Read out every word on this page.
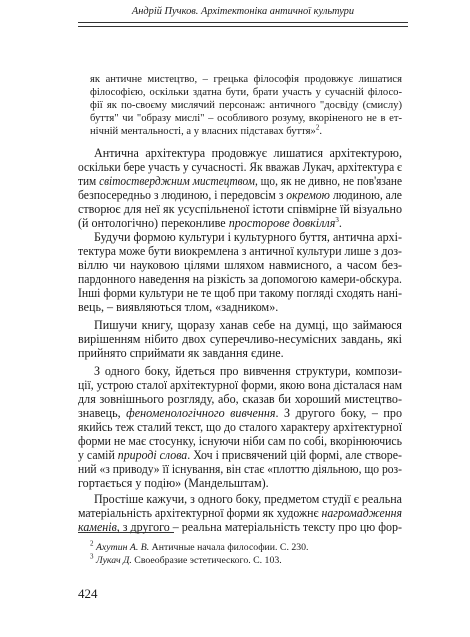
Андрій Пучков. Архітектоніка античної культури
як античне мистецтво, – грецька філософія продовжує лишатися
філософією, оскільки здатна бути, брати участь у сучасній філосо-
фії як по-своєму мислячий персонаж: античного "досвіду (смислу)
буття" чи "образу мислі" – особливого розуму, вкоріненого не в ет-
нічній ментальності, а у власних підставах буття»$^2$.
Антична архітектура продовжує лишатися архітектурою,
оскільки бере участь у сучасності. Як вважав Лукач, архітектура є
тим світостверджним мистецтвом, що, як не дивно, не пов'язане
безпосередньо з людиною, і передовсім з окремою людиною, але
створює для неї як усуспільненої істоти співмірне їй візуально
(й онтологічно) переконливе просторове довкілля$^3$.
Будучи формою культури і культурного буття, антична архі-
тектура може бути виокремлена з античної культури лише з доз-
віллю чи науковою цілями шляхом навмисного, а часом без-
пардонного наведення на різкість за допомогою камери-обскура.
Інші форми культури не те щоб при такому погляді сходять нані-
вець, – виявляються тлом, «задником».
Пишучи книгу, щоразу ханав себе на думці, що займаюся
вирішенням нібито двох суперечливо-несумісних завдань, які
прийнято сприймати як завдання єдине.
З одного боку, йдеться про вивчення структури, компози-
ції, устрою сталої архітектурної форми, якою вона дісталася нам
для зовнішнього розгляду, або, сказав би хороший мистецтво-
знавець, феноменологічного вивчення. З другого боку, – про
якийсь теж сталий текст, що до сталого характеру архітектурної
форми не має стосунку, існуючи ніби сам по собі, вкорінюючись
у самій природі слова. Хоч і присвячений цій формі, але створе-
ний «з приводу» її існування, він стає «плоттю діяльною, що роз-
гортається у подію» (Мандельштам).
Простіше кажучи, з одного боку, предметом студії є реальна
матеріальність архітектурної форми як художнє нагромадження
каменів, з другого – реальна матеріальність тексту про цю фор-
$^2$ Ахутин А. В. Античные начала философии. С. 230.
$^3$ Лукач Д. Своеобразие эстетического. С. 103.
424
